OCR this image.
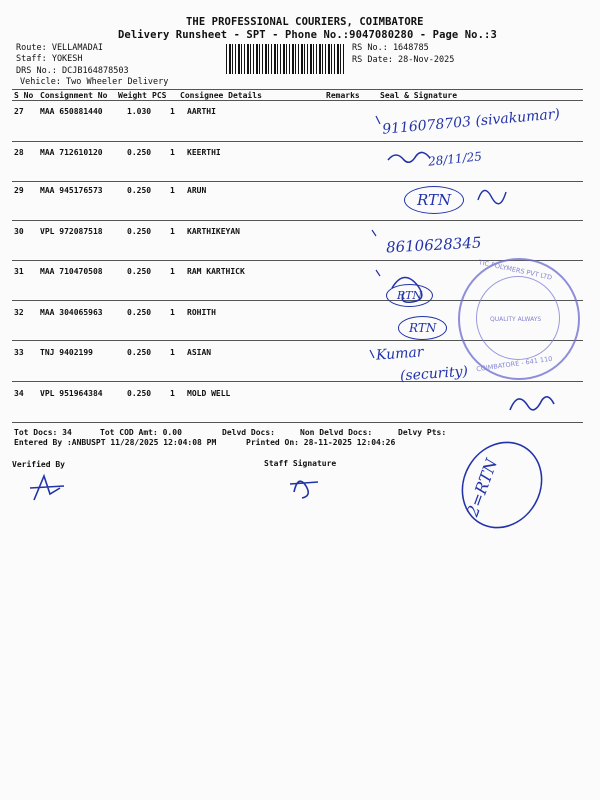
THE PROFESSIONAL COURIERS, COIMBATORE
Delivery Runsheet - SPT - Phone No.:9047080280 - Page No.:3
Route: VELLAMADAI
Staff: YOKESH
DRS No.: DCJB164878503
Vehicle: Two Wheeler Delivery
RS No.: 1648785
RS Date: 28-Nov-2025
S No Consignment No Weight PCS Consignee Details	Remarks	Seal & Signature
27 MAA 650881440	1.030 1 AARTHI
28 MAA 712610120	0.250 1 KEERTHI
29 MAA 945176573	0.250 1 ARUN
30 VPL 972087518	0.250 1 KARTHIKEYAN
31 MAA 710470508	0.250 1 RAM KARTHICK
32 MAA 304065963	0.250 1 ROHITH
33 TNJ 9402199	0.250 1 ASIAN
34 VPL 951964384	0.250 1 MOLD WELL
9116078703 (sivakumar)
28/11/25
RTN
8610628345
RTN
RTN
Kumar
(security)
TIC POLYMERS PVT LTD
QUALITY ALWAYS
COIMBATORE - 641 110
2=RTN
Tot Docs: 34	Tot COD Amt: 0.00	Delvd Docs:	Non Delvd Docs:	Delvy Pts:
Entered By :ANBUSPT 11/28/2025 12:04:08 PM	Printed On: 28-11-2025 12:04:26
Verified By	Staff Signature
